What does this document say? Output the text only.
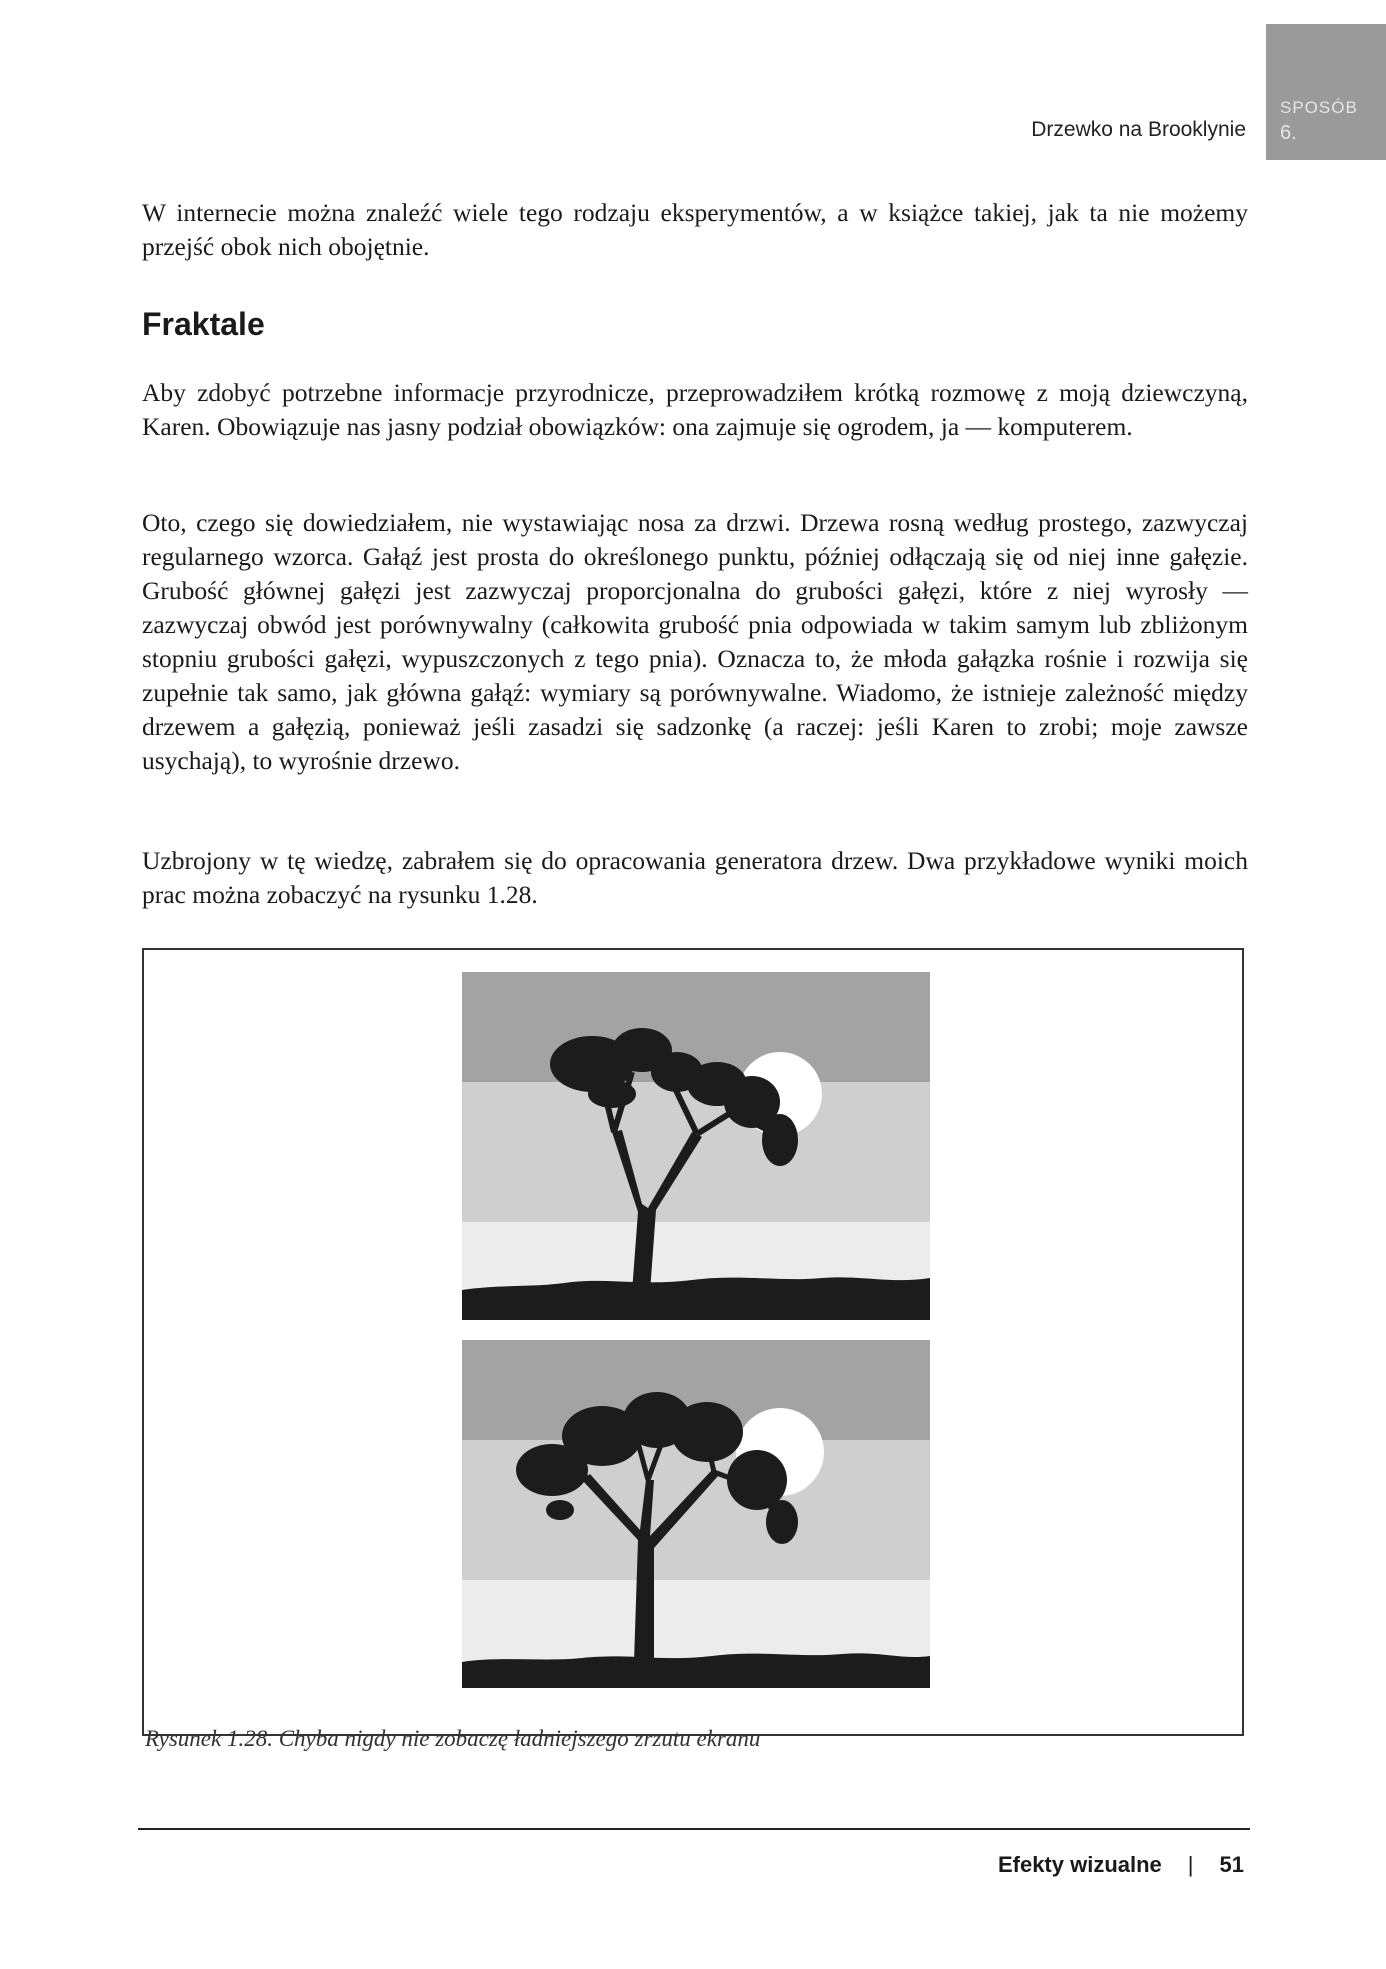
Drzewko na Brooklynie
SPOSÓB
6.

W internecie można znaleźć wiele tego rodzaju eksperymentów, a w książce takiej, jak ta nie możemy przejść obok nich obojętnie.

Fraktale

Aby zdobyć potrzebne informacje przyrodnicze, przeprowadziłem krótką rozmowę z moją dziewczyną, Karen. Obowiązuje nas jasny podział obowiązków: ona zajmuje się ogrodem, ja — komputerem.

Oto, czego się dowiedziałem, nie wystawiając nosa za drzwi. Drzewa rosną według prostego, zazwyczaj regularnego wzorca. Gałąź jest prosta do określonego punktu, później odłączają się od niej inne gałęzie. Grubość głównej gałęzi jest zazwyczaj proporcjonalna do grubości gałęzi, które z niej wyrosły — zazwyczaj obwód jest porównywalny (całkowita grubość pnia odpowiada w takim samym lub zbliżonym stopniu grubości gałęzi, wypuszczonych z tego pnia). Oznacza to, że młoda gałązka rośnie i rozwija się zupełnie tak samo, jak główna gałąź: wymiary są porównywalne. Wiadomo, że istnieje zależność między drzewem a gałęzią, ponieważ jeśli zasadzi się sadzonkę (a raczej: jeśli Karen to zrobi; moje zawsze usychają), to wyrośnie drzewo.

Uzbrojony w tę wiedzę, zabrałem się do opracowania generatora drzew. Dwa przykładowe wyniki moich prac można zobaczyć na rysunku 1.28.

Rysunek 1.28. Chyba nigdy nie zobaczę ładniejszego zrzutu ekranu
Efekty wizualne | 51
